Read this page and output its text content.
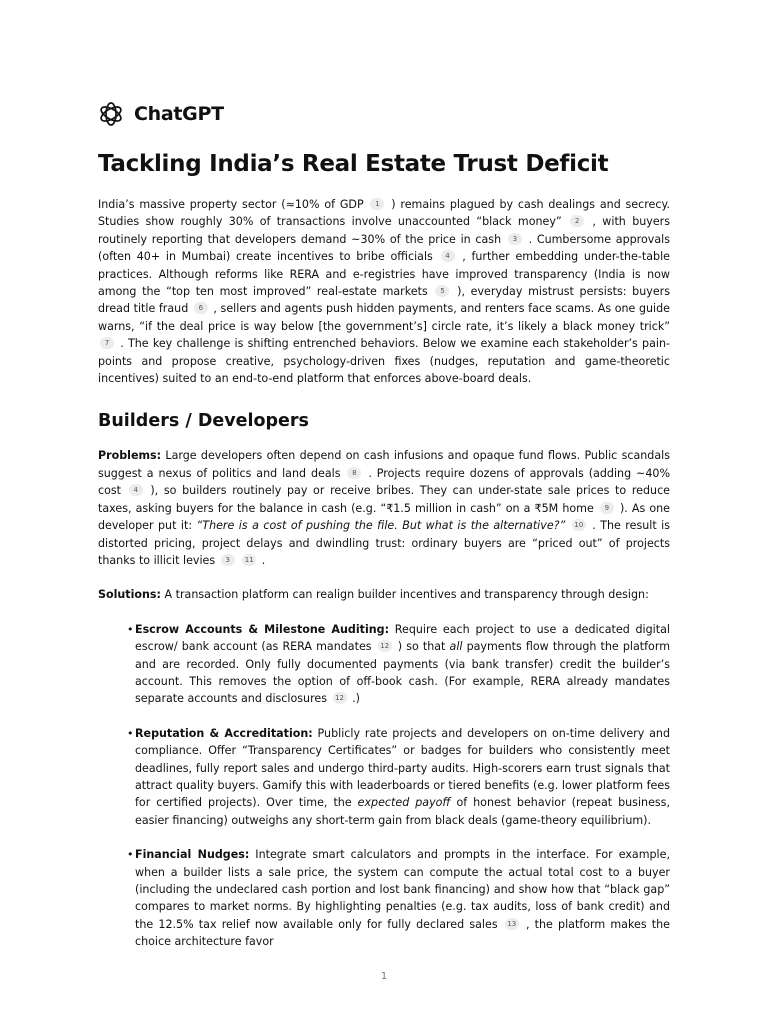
ChatGPT
Tackling India’s Real Estate Trust Deficit

India’s massive property sector (≈10% of GDP 1 ) remains plagued by cash dealings and secrecy. Studies show roughly 30% of transactions involve unaccounted “black money” 2 , with buyers routinely reporting that developers demand ~30% of the price in cash 3 . Cumbersome approvals (often 40+ in Mumbai) create incentives to bribe officials 4 , further embedding under-the-table practices. Although reforms like RERA and e-registries have improved transparency (India is now among the “top ten most improved” real-estate markets 5 ), everyday mistrust persists: buyers dread title fraud 6 , sellers and agents push hidden payments, and renters face scams. As one guide warns, “if the deal price is way below [the government’s] circle rate, it’s likely a black money trick” 7 . The key challenge is shifting entrenched behaviors. Below we examine each stakeholder’s pain-points and propose creative, psychology-driven fixes (nudges, reputation and game-theoretic incentives) suited to an end-to-end platform that enforces above-board deals.

Builders / Developers

Problems: Large developers often depend on cash infusions and opaque fund flows. Public scandals suggest a nexus of politics and land deals 8 . Projects require dozens of approvals (adding ~40% cost 4 ), so builders routinely pay or receive bribes. They can under-state sale prices to reduce taxes, asking buyers for the balance in cash (e.g. “₹1.5 million in cash” on a ₹5M home 9 ). As one developer put it: “There is a cost of pushing the file. But what is the alternative?” 10 . The result is distorted pricing, project delays and dwindling trust: ordinary buyers are “priced out” of projects thanks to illicit levies 3 11 .

Solutions: A transaction platform can realign builder incentives and transparency through design:

• Escrow Accounts & Milestone Auditing: Require each project to use a dedicated digital escrow/ bank account (as RERA mandates 12 ) so that all payments flow through the platform and are recorded. Only fully documented payments (via bank transfer) credit the builder’s account. This removes the option of off-book cash. (For example, RERA already mandates separate accounts and disclosures 12 .)
• Reputation & Accreditation: Publicly rate projects and developers on on-time delivery and compliance. Offer “Transparency Certificates” or badges for builders who consistently meet deadlines, fully report sales and undergo third-party audits. High-scorers earn trust signals that attract quality buyers. Gamify this with leaderboards or tiered benefits (e.g. lower platform fees for certified projects). Over time, the expected payoff of honest behavior (repeat business, easier financing) outweighs any short-term gain from black deals (game-theory equilibrium).
• Financial Nudges: Integrate smart calculators and prompts in the interface. For example, when a builder lists a sale price, the system can compute the actual total cost to a buyer (including the undeclared cash portion and lost bank financing) and show how that “black gap” compares to market norms. By highlighting penalties (e.g. tax audits, loss of bank credit) and the 12.5% tax relief now available only for fully declared sales 13 , the platform makes the choice architecture favor
1
